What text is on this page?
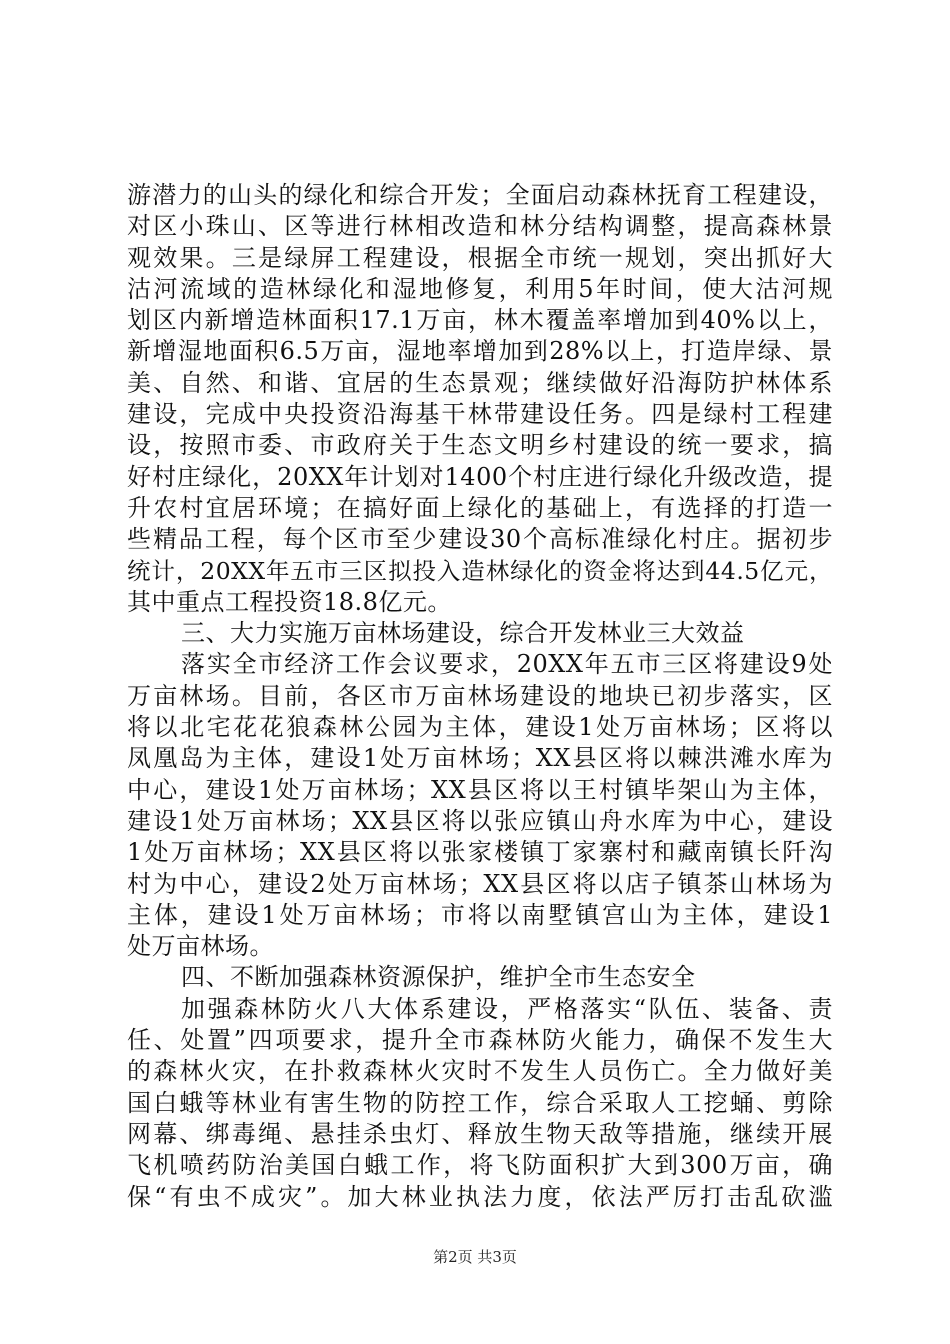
游潜力的山头的绿化和综合开发；全面启动森林抚育工程建设，
对区小珠山、区等进行林相改造和林分结构调整，提高森林景
观效果。三是绿屏工程建设，根据全市统一规划，突出抓好大
沽河流域的造林绿化和湿地修复，利用5年时间，使大沽河规
划区内新增造林面积17.1万亩，林木覆盖率增加到40%以上，
新增湿地面积6.5万亩，湿地率增加到28%以上，打造岸绿、景
美、自然、和谐、宜居的生态景观；继续做好沿海防护林体系
建设，完成中央投资沿海基干林带建设任务。四是绿村工程建
设，按照市委、市政府关于生态文明乡村建设的统一要求，搞
好村庄绿化，20XX年计划对1400个村庄进行绿化升级改造，提
升农村宜居环境；在搞好面上绿化的基础上，有选择的打造一
些精品工程，每个区市至少建设30个高标准绿化村庄。据初步
统计，20XX年五市三区拟投入造林绿化的资金将达到44.5亿元，
其中重点工程投资18.8亿元。
三、大力实施万亩林场建设，综合开发林业三大效益
落实全市经济工作会议要求，20XX年五市三区将建设9处
万亩林场。目前，各区市万亩林场建设的地块已初步落实，区
将以北宅花花狼森林公园为主体，建设1处万亩林场；区将以
凤凰岛为主体，建设1处万亩林场；XX县区将以棘洪滩水库为
中心，建设1处万亩林场；XX县区将以王村镇毕架山为主体，
建设1处万亩林场；XX县区将以张应镇山舟水库为中心，建设
1处万亩林场；XX县区将以张家楼镇丁家寨村和藏南镇长阡沟
村为中心，建设2处万亩林场；XX县区将以店子镇茶山林场为
主体，建设1处万亩林场；市将以南墅镇宫山为主体，建设1
处万亩林场。
四、不断加强森林资源保护，维护全市生态安全
加强森林防火八大体系建设，严格落实“队伍、装备、责
任、处置”四项要求，提升全市森林防火能力，确保不发生大
的森林火灾，在扑救森林火灾时不发生人员伤亡。全力做好美
国白蛾等林业有害生物的防控工作，综合采取人工挖蛹、剪除
网幕、绑毒绳、悬挂杀虫灯、释放生物天敌等措施，继续开展
飞机喷药防治美国白蛾工作，将飞防面积扩大到300万亩，确
保“有虫不成灾”。加大林业执法力度，依法严厉打击乱砍滥
第2页 共3页
